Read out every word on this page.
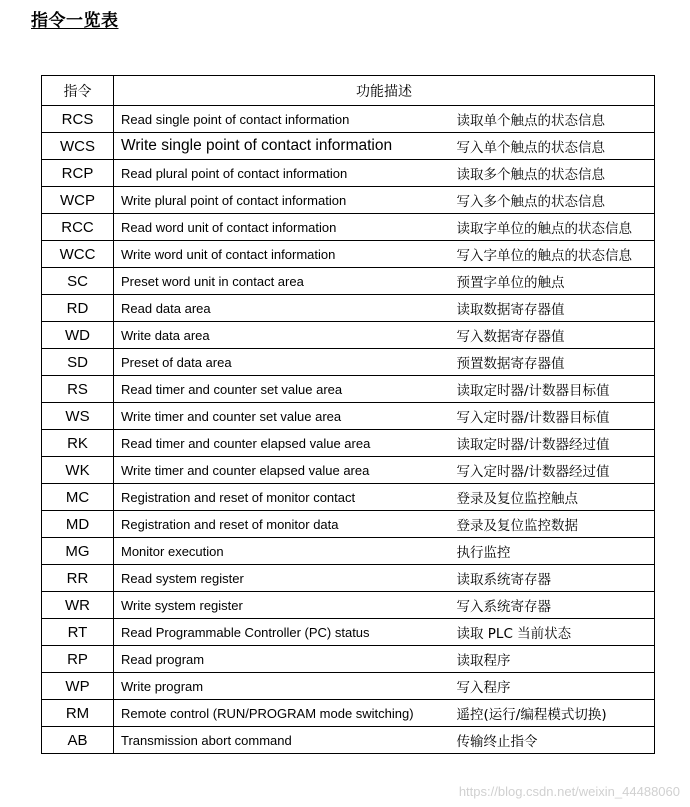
指令一览表
指令	功能描述	
RCS	Read single point of contact information	读取单个触点的状态信息
WCS	Write single point of contact information	写入单个触点的状态信息
RCP	Read plural point of contact information	读取多个触点的状态信息
WCP	Write plural point of contact information	写入多个触点的状态信息
RCC	Read word unit of contact information	读取字单位的触点的状态信息
WCC	Write word unit of contact information	写入字单位的触点的状态信息
SC	Preset word unit in contact area	预置字单位的触点
RD	Read data area	读取数据寄存器值
WD	Write data area	写入数据寄存器值
SD	Preset of data area	预置数据寄存器值
RS	Read timer and counter set value area	读取定时器/计数器目标值
WS	Write timer and counter set value area	写入定时器/计数器目标值
RK	Read timer and counter elapsed value area	读取定时器/计数器经过值
WK	Write timer and counter elapsed value area	写入定时器/计数器经过值
MC	Registration and reset of monitor contact	登录及复位监控触点
MD	Registration and reset of monitor data	登录及复位监控数据
MG	Monitor execution	执行监控
RR	Read system register	读取系统寄存器
WR	Write system register	写入系统寄存器
RT	Read Programmable Controller (PC) status	读取 PLC 当前状态
RP	Read program	读取程序
WP	Write program	写入程序
RM	Remote control (RUN/PROGRAM mode switching)	遥控(运行/编程模式切换)
AB	Transmission abort command	传输终止指令
https://blog.csdn.net/weixin_44488060
